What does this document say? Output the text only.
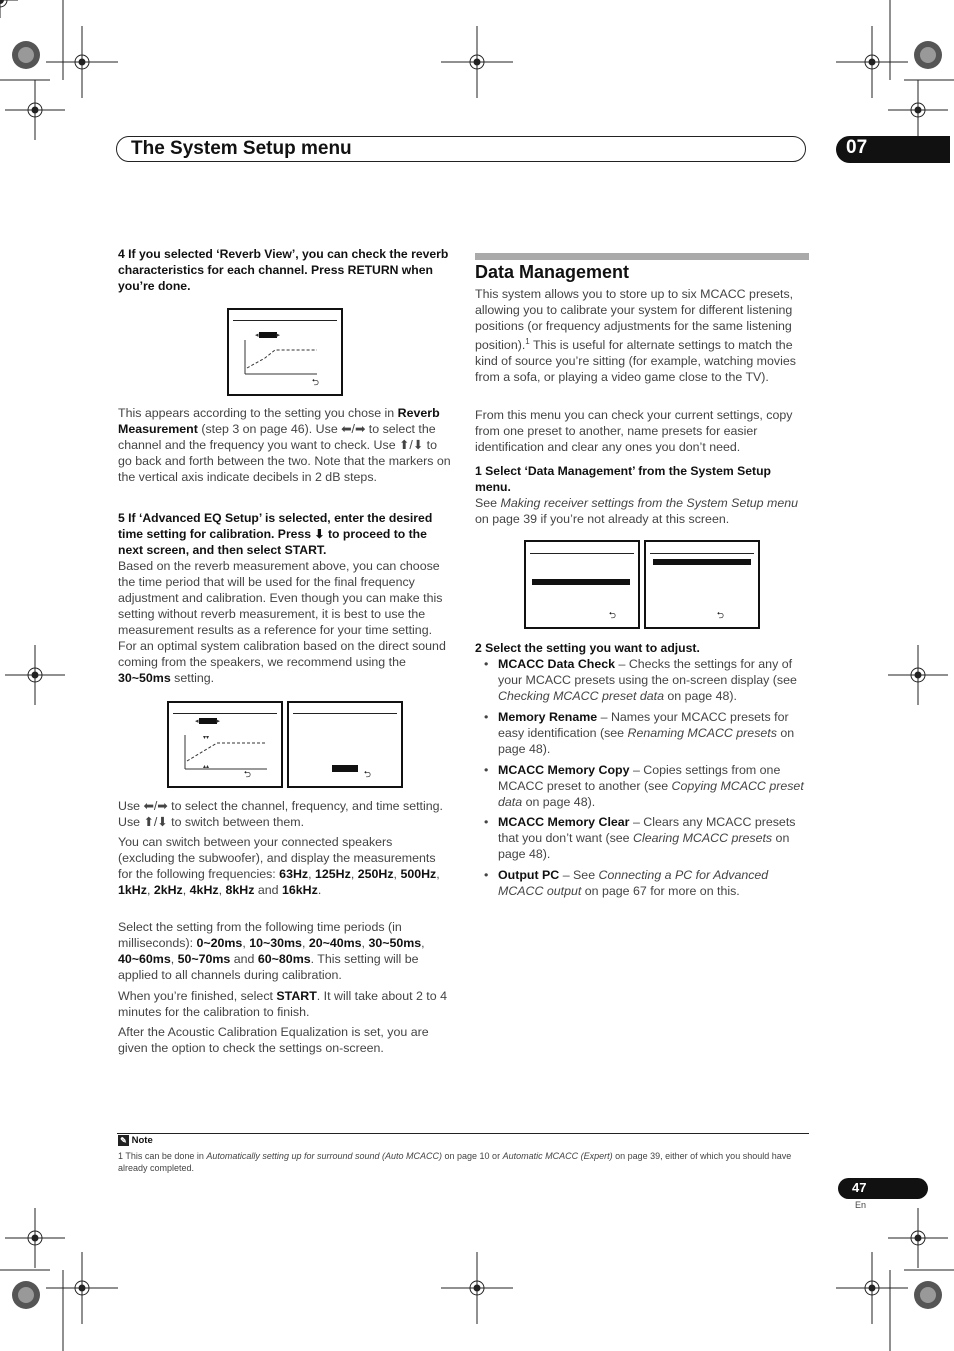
The System Setup menu	07

4 If you selected ‘Reverb View’, you can check the reverb characteristics for each channel. Press RETURN when you’re done.

◂	▸
⮌

This appears according to the setting you chose in Reverb Measurement (step 3 on page 46). Use ⬅/➡ to select the channel and the frequency you want to check. Use ⬆/⬇ to go back and forth between the two. Note that the markers on the vertical axis indicate decibels in 2 dB steps.

5 If ‘Advanced EQ Setup’ is selected, enter the desired time setting for calibration. Press ⬇ to proceed to the next screen, and then select START.

Based on the reverb measurement above, you can choose the time period that will be used for the final frequency adjustment and calibration. Even though you can make this setting without reverb measurement, it is best to use the measurement results as a reference for your time setting. For an optimal system calibration based on the direct sound coming from the speakers, we recommend using the 30~50ms setting.

◂	▸
▾▾
▴▴
⮌	⮌

Use ⬅/➡ to select the channel, frequency, and time setting. Use ⬆/⬇ to switch between them.

You can switch between your connected speakers (excluding the subwoofer), and display the measurements for the following frequencies: 63Hz, 125Hz, 250Hz, 500Hz, 1kHz, 2kHz, 4kHz, 8kHz and 16kHz.

Select the setting from the following time periods (in milliseconds): 0~20ms, 10~30ms, 20~40ms, 30~50ms, 40~60ms, 50~70ms and 60~80ms. This setting will be applied to all channels during calibration.

When you’re finished, select START. It will take about 2 to 4 minutes for the calibration to finish.

After the Acoustic Calibration Equalization is set, you are given the option to check the settings on-screen.

Data Management

This system allows you to store up to six MCACC presets, allowing you to calibrate your system for different listening positions (or frequency adjustments for the same listening position).$^1$ This is useful for alternate settings to match the kind of source you’re sitting (for example, watching movies from a sofa, or playing a video game close to the TV).

From this menu you can check your current settings, copy from one preset to another, name presets for easier identification and clear any ones you don’t need.

1 Select ‘Data Management’ from the System Setup menu.

See Making receiver settings from the System Setup menu on page 39 if you’re not already at this screen.

⮌	⮌

2 Select the setting you want to adjust.

• MCACC Data Check – Checks the settings for any of your MCACC presets using the on-screen display (see Checking MCACC preset data on page 48).
• Memory Rename – Names your MCACC presets for easy identification (see Renaming MCACC presets on page 48).
• MCACC Memory Copy – Copies settings from one MCACC preset to another (see Copying MCACC preset data on page 48).
• MCACC Memory Clear – Clears any MCACC presets that you don’t want (see Clearing MCACC presets on page 48).
• Output PC – See Connecting a PC for Advanced MCACC output on page 67 for more on this.
✎ Note

1 This can be done in Automatically setting up for surround sound (Auto MCACC) on page 10 or Automatic MCACC (Expert) on page 39, either of which you should have already completed.

47
En
